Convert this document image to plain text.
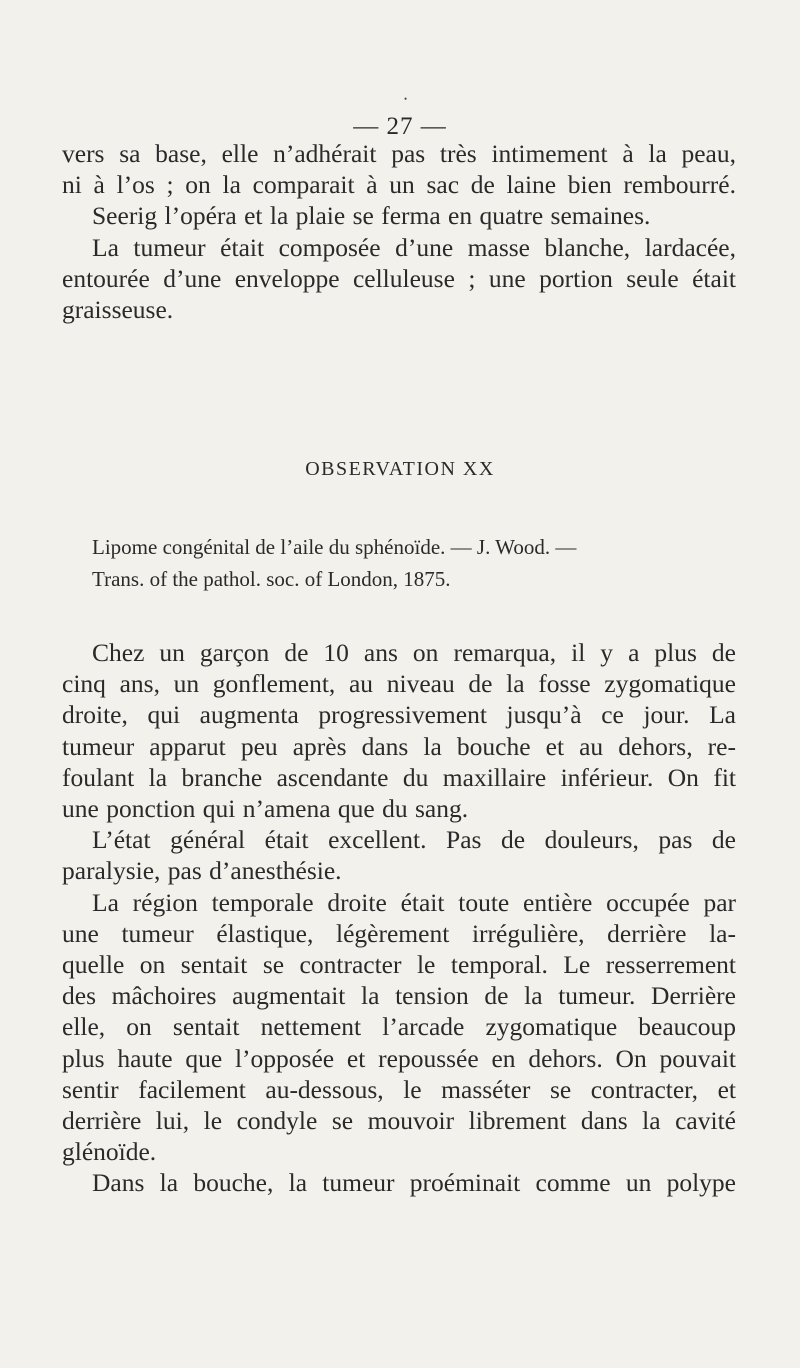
•
— 27 —

vers sa base, elle n’adhérait pas très intimement à la peau,

ni à l’os ; on la comparait à un sac de laine bien rembourré.

Seerig l’opéra et la plaie se ferma en quatre semaines.

La tumeur était composée d’une masse blanche, lardacée,

entourée d’une enveloppe celluleuse ; une portion seule était

graisseuse.

OBSERVATION XX

Lipome congénital de l’aile du sphénoïde. — J. Wood. —

Trans. of the pathol. soc. of London, 1875.

Chez un garçon de 10 ans on remarqua, il y a plus de

cinq ans, un gonflement, au niveau de la fosse zygomatique

droite, qui augmenta progressivement jusqu’à ce jour. La

tumeur apparut peu après dans la bouche et au dehors, re-

foulant la branche ascendante du maxillaire inférieur. On fit

une ponction qui n’amena que du sang.

L’état général était excellent. Pas de douleurs, pas de

paralysie, pas d’anesthésie.

La région temporale droite était toute entière occupée par

une tumeur élastique, légèrement irrégulière, derrière la-

quelle on sentait se contracter le temporal. Le resserrement

des mâchoires augmentait la tension de la tumeur. Derrière

elle, on sentait nettement l’arcade zygomatique beaucoup

plus haute que l’opposée et repoussée en dehors. On pouvait

sentir facilement au-dessous, le masséter se contracter, et

derrière lui, le condyle se mouvoir librement dans la cavité

glénoïde.

Dans la bouche, la tumeur proéminait comme un polype
